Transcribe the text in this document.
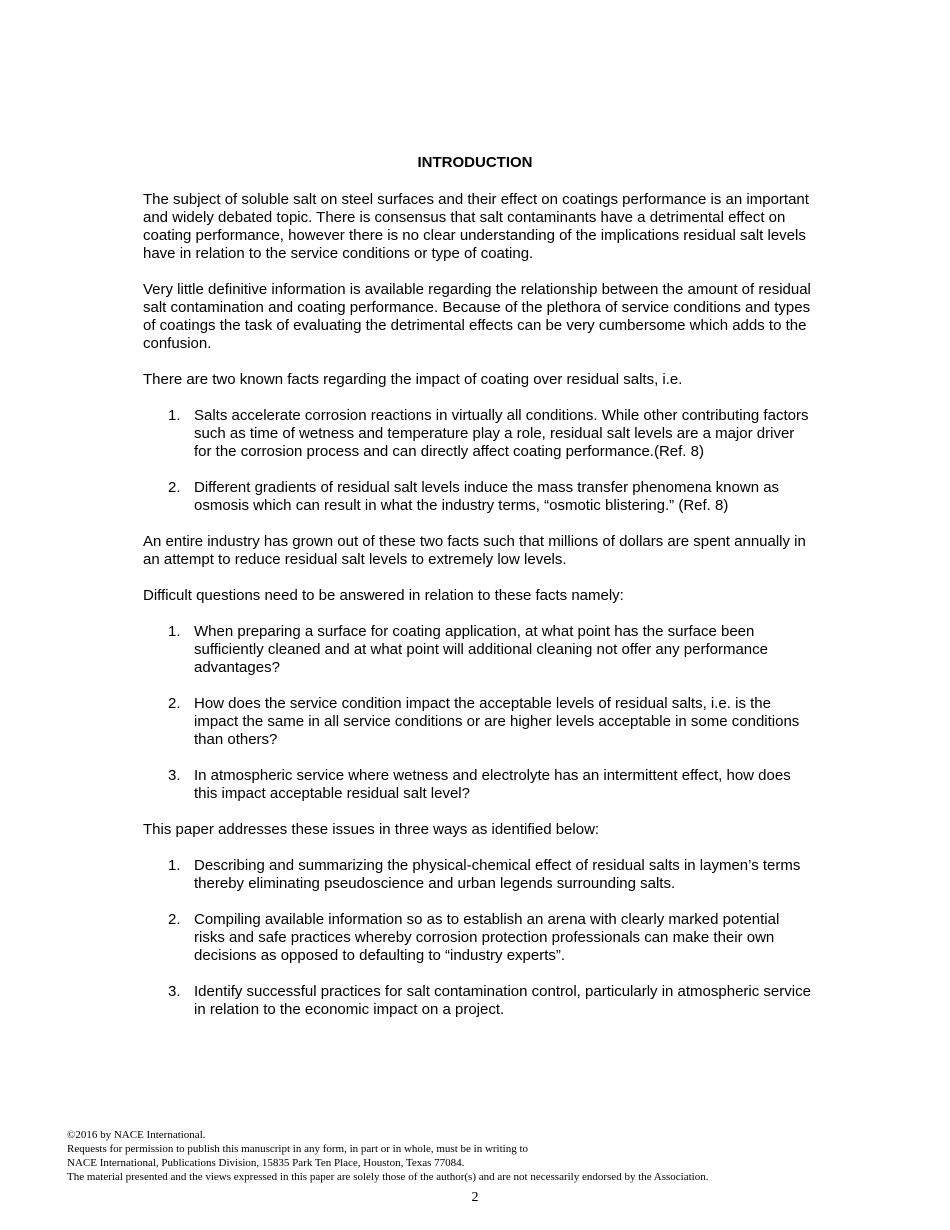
INTRODUCTION

The subject of soluble salt on steel surfaces and their effect on coatings performance is an important and widely debated topic. There is consensus that salt contaminants have a detrimental effect on coating performance, however there is no clear understanding of the implications residual salt levels have in relation to the service conditions or type of coating.

Very little definitive information is available regarding the relationship between the amount of residual salt contamination and coating performance. Because of the plethora of service conditions and types of coatings the task of evaluating the detrimental effects can be very cumbersome which adds to the confusion.

There are two known facts regarding the impact of coating over residual salts, i.e.

1. Salts accelerate corrosion reactions in virtually all conditions. While other contributing factors such as time of wetness and temperature play a role, residual salt levels are a major driver for the corrosion process and can directly affect coating performance.(Ref. 8)
2. Different gradients of residual salt levels induce the mass transfer phenomena known as osmosis which can result in what the industry terms, “osmotic blistering.” (Ref. 8)

An entire industry has grown out of these two facts such that millions of dollars are spent annually in an attempt to reduce residual salt levels to extremely low levels.

Difficult questions need to be answered in relation to these facts namely:

1. When preparing a surface for coating application, at what point has the surface been sufficiently cleaned and at what point will additional cleaning not offer any performance advantages?
2. How does the service condition impact the acceptable levels of residual salts, i.e. is the impact the same in all service conditions or are higher levels acceptable in some conditions than others?
3. In atmospheric service where wetness and electrolyte has an intermittent effect, how does this impact acceptable residual salt level?

This paper addresses these issues in three ways as identified below:

1. Describing and summarizing the physical-chemical effect of residual salts in laymen’s terms thereby eliminating pseudoscience and urban legends surrounding salts.
2. Compiling available information so as to establish an arena with clearly marked potential risks and safe practices whereby corrosion protection professionals can make their own decisions as opposed to defaulting to “industry experts”.
3. Identify successful practices for salt contamination control, particularly in atmospheric service in relation to the economic impact on a project.
©2016 by NACE International.
Requests for permission to publish this manuscript in any form, in part or in whole, must be in writing to
NACE International, Publications Division, 15835 Park Ten Place, Houston, Texas 77084.
The material presented and the views expressed in this paper are solely those of the author(s) and are not necessarily endorsed by the Association.
2
